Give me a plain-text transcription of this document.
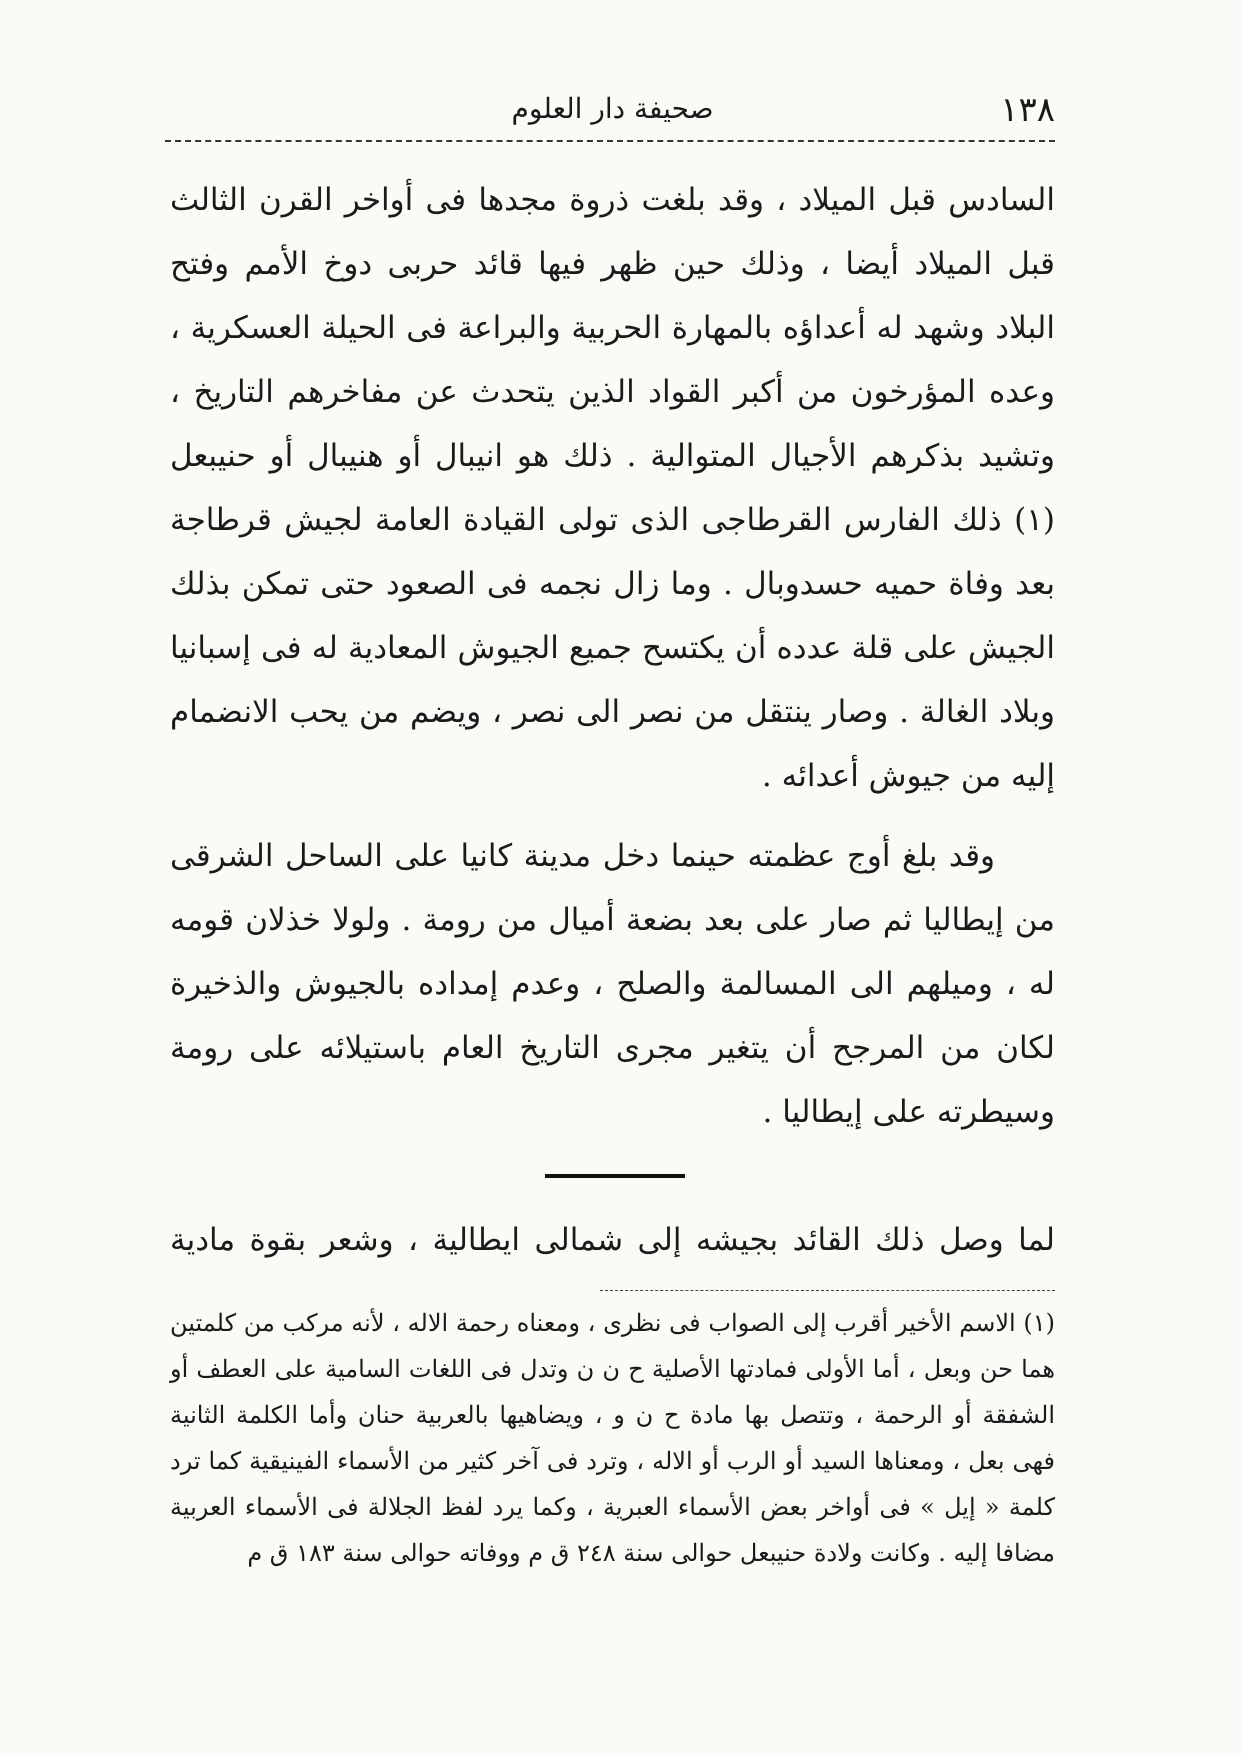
١٣٨
صحيفة دار العلوم

السادس قبل الميلاد ، وقد بلغت ذروة مجدها فى أواخر القرن الثالث قبل الميلاد أيضا ، وذلك حين ظهر فيها قائد حربى دوخ الأمم وفتح البلاد وشهد له أعداؤه بالمهارة الحربية والبراعة فى الحيلة العسكرية ، وعده المؤرخون من أكبر القواد الذين يتحدث عن مفاخرهم التاريخ ، وتشيد بذكرهم الأجيال المتوالية . ذلك هو انيبال أو هنيبال أو حنيبعل (١) ذلك الفارس القرطاجى الذى تولى القيادة العامة لجيش قرطاجة بعد وفاة حميه حسدوبال . وما زال نجمه فى الصعود حتى تمكن بذلك الجيش على قلة عدده أن يكتسح جميع الجيوش المعادية له فى إسبانيا وبلاد الغالة . وصار ينتقل من نصر الى نصر ، ويضم من يحب الانضمام إليه من جيوش أعدائه .

وقد بلغ أوج عظمته حينما دخل مدينة كانيا على الساحل الشرقى من إيطاليا ثم صار على بعد بضعة أميال من رومة . ولولا خذلان قومه له ، وميلهم الى المسالمة والصلح ، وعدم إمداده بالجيوش والذخيرة لكان من المرجح أن يتغير مجرى التاريخ العام باستيلائه على رومة وسيطرته على إيطاليا .

لما وصل ذلك القائد بجيشه إلى شمالى ايطالية ، وشعر بقوة مادية

(١) الاسم الأخير أقرب إلى الصواب فى نظرى ، ومعناه رحمة الاله ، لأنه مركب من كلمتين هما حن وبعل ، أما الأولى فمادتها الأصلية ح ن ن وتدل فى اللغات السامية على العطف أو الشفقة أو الرحمة ، وتتصل بها مادة ح ن و ، ويضاهيها بالعربية حنان وأما الكلمة الثانية فهى بعل ، ومعناها السيد أو الرب أو الاله ، وترد فى آخر كثير من الأسماء الفينيقية كما ترد كلمة « إيل » فى أواخر بعض الأسماء العبرية ، وكما يرد لفظ الجلالة فى الأسماء العربية مضافا إليه . وكانت ولادة حنيبعل حوالى سنة ٢٤٨ ق م ووفاته حوالى سنة ١٨٣ ق م
